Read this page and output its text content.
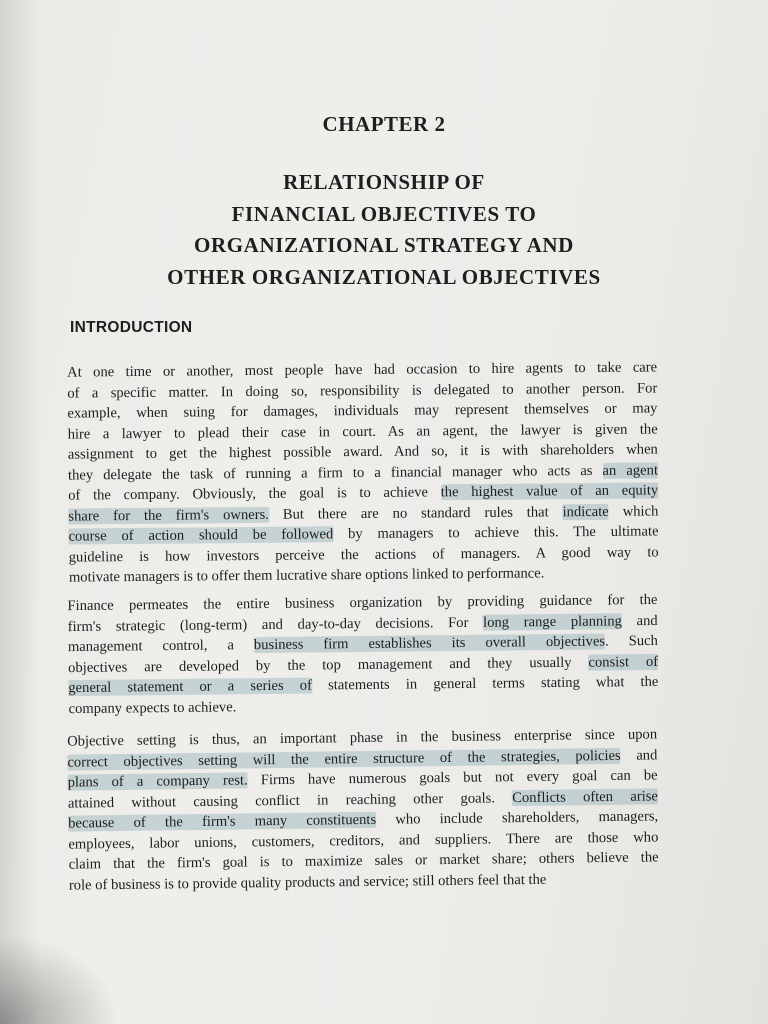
CHAPTER 2
RELATIONSHIP OF
FINANCIAL OBJECTIVES TO
ORGANIZATIONAL STRATEGY AND
OTHER ORGANIZATIONAL OBJECTIVES
INTRODUCTION
At one time or another, most people have had occasion to hire agents to take care
of a specific matter. In doing so, responsibility is delegated to another person. For
example, when suing for damages, individuals may represent themselves or may
hire a lawyer to plead their case in court. As an agent, the lawyer is given the
assignment to get the highest possible award. And so, it is with shareholders when
they delegate the task of running a firm to a financial manager who acts as an agent
of the company. Obviously, the goal is to achieve the highest value of an equity
share for the firm's owners. But there are no standard rules that indicate which
course of action should be followed by managers to achieve this. The ultimate
guideline is how investors perceive the actions of managers. A good way to
motivate managers is to offer them lucrative share options linked to performance.
Finance permeates the entire business organization by providing guidance for the
firm's strategic (long-term) and day-to-day decisions. For long range planning and
management control, a business firm establishes its overall objectives. Such
objectives are developed by the top management and they usually consist of
general statement or a series of statements in general terms stating what the
company expects to achieve.
Objective setting is thus, an important phase in the business enterprise since upon
correct objectives setting will the entire structure of the strategies, policies and
plans of a company rest. Firms have numerous goals but not every goal can be
attained without causing conflict in reaching other goals. Conflicts often arise
because of the firm's many constituents who include shareholders, managers,
employees, labor unions, customers, creditors, and suppliers. There are those who
claim that the firm's goal is to maximize sales or market share; others believe the
role of business is to provide quality products and service; still others feel that the
